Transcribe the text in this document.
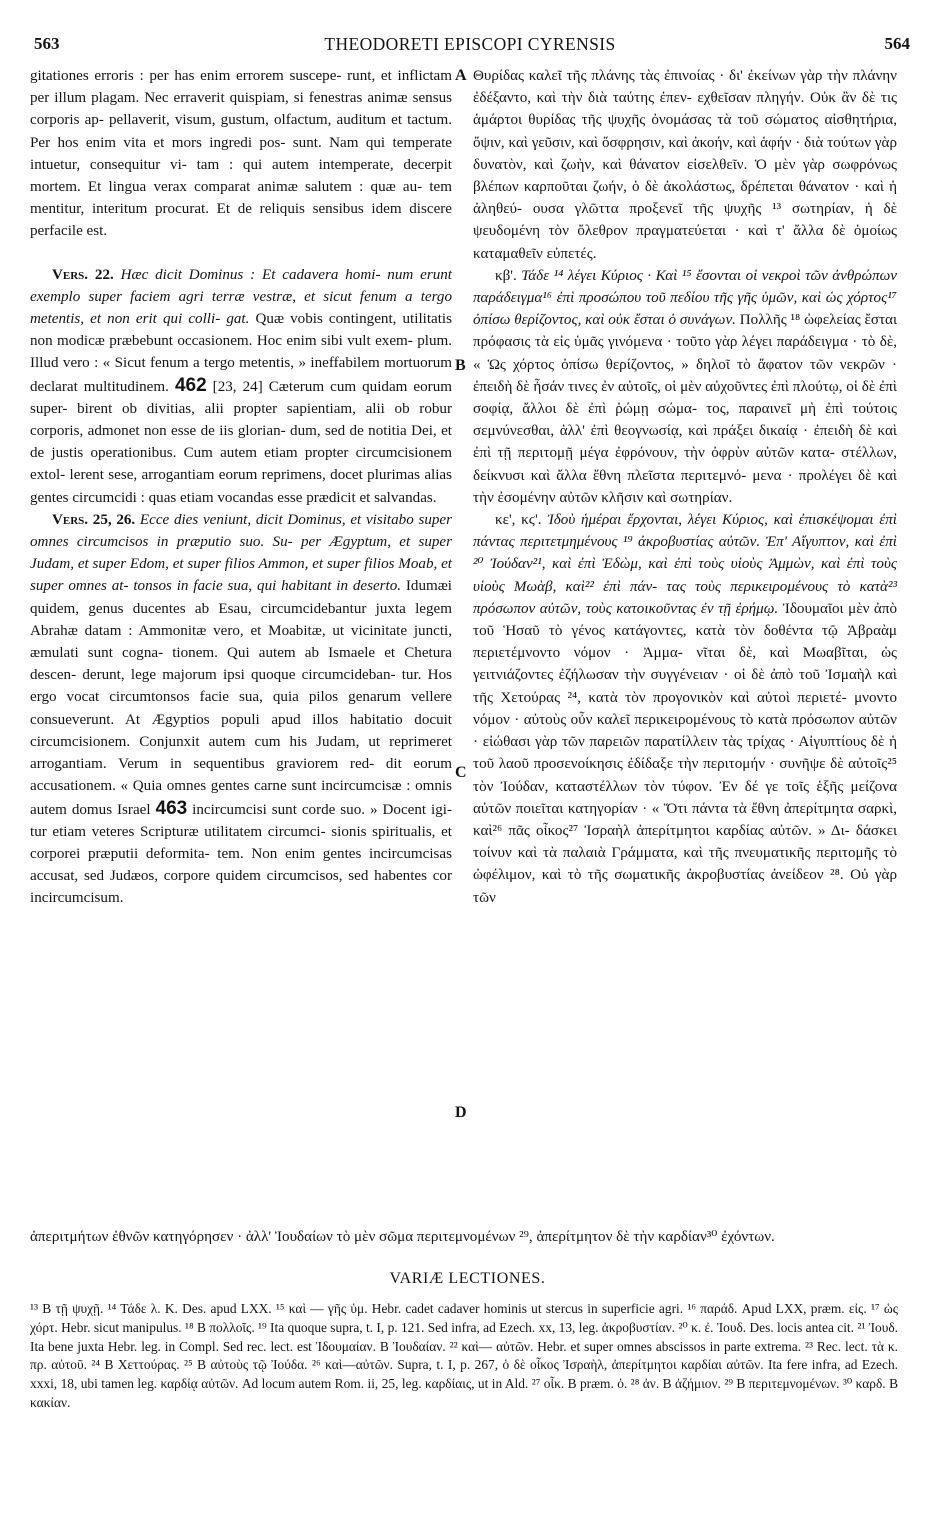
563	THEODORETI EPISCOPI CYRENSIS	564

gitationes erroris : per has enim errorem suscepe- runt, et inflictam per illum plagam. Nec erraverit quispiam, si fenestras animæ sensus corporis ap- pellaverit, visum, gustum, olfactum, auditum et tactum. Per hos enim vita et mors ingredi pos- sunt. Nam qui temperate intuetur, consequitur vi- tam : qui autem intemperate, decerpit mortem. Et lingua verax comparat animæ salutem : quæ au- tem mentitur, interitum procurat. Et de reliquis sensibus idem discere perfacile est.

Vers. 22. Hæc dicit Dominus : Et cadavera homi- num erunt exemplo super faciem agri terræ vestræ, et sicut fenum a tergo metentis, et non erit qui colli- gat. Quæ vobis contingent, utilitatis non modicæ præbebunt occasionem. Hoc enim sibi vult exem- plum. Illud vero : « Sicut fenum a tergo metentis, » ineffabilem mortuorum declarat multitudinem. 462 [23, 24] Cæterum cum quidam eorum super- birent ob divitias, alii propter sapientiam, alii ob robur corporis, admonet non esse de iis glorian- dum, sed de notitia Dei, et de justis operationibus. Cum autem etiam propter circumcisionem extol- lerent sese, arrogantiam eorum reprimens, docet plurimas alias gentes circumcidi : quas etiam vocandas esse prædicit et salvandas.

Vers. 25, 26. Ecce dies veniunt, dicit Dominus, et visitabo super omnes circumcisos in præputio suo. Su- per Ægyptum, et super Judam, et super Edom, et super filios Ammon, et super filios Moab, et super omnes at- tonsos in facie sua, qui habitant in deserto. Idumæi quidem, genus ducentes ab Esau, circumcidebantur juxta legem Abrahæ datam : Ammonitæ vero, et Moabitæ, ut vicinitate juncti, æmulati sunt cogna- tionem. Qui autem ab Ismaele et Chetura descen- derunt, lege majorum ipsi quoque circumcideban- tur. Hos ergo vocat circumtonsos facie sua, quia pilos genarum vellere consueverunt. At Ægyptios populi apud illos habitatio docuit circumcisionem. Conjunxit autem cum his Judam, ut reprimeret arrogantiam. Verum in sequentibus graviorem red- dit eorum accusationem. « Quia omnes gentes carne sunt incircumcisæ : omnis autem domus Israel 463 incircumcisi sunt corde suo. » Docent igi- tur etiam veteres Scripturæ utilitatem circumci- sionis spiritualis, et corporei præputii deformita- tem. Non enim gentes incircumcisas accusat, sed Judæos, corpore quidem circumcisos, sed habentes cor incircumcisum.

A
B
C
D

Θυρίδας καλεῖ τῆς πλάνης τὰς ἐπινοίας · δι' ἐκείνων γὰρ τὴν πλάνην ἐδέξαντο, καὶ τὴν διὰ ταύτης ἐπεν- εχθεῖσαν πληγήν. Οὐκ ἂν δὲ τις ἁμάρτοι θυρίδας τῆς ψυχῆς ὀνομάσας τὰ τοῦ σώματος αἰσθητήρια, ὄψιν, καὶ γεῦσιν, καὶ ὄσφρησιν, καὶ ἀκοήν, καὶ ἁφήν · διὰ τούτων γὰρ δυνατὸν, καὶ ζωὴν, καὶ θάνατον εἰσελθεῖν. Ὁ μὲν γὰρ σωφρόνως βλέπων καρποῦται ζωήν, ὁ δὲ ἀκολάστως, δρέπεται θάνατον · καὶ ἡ ἀληθεύ- ουσα γλῶττα προξενεῖ τῆς ψυχῆς ¹³ σωτηρίαν, ἡ δὲ ψευδομένη τὸν ὄλεθρον πραγματεύεται · καὶ τ' ἄλλα δὲ ὁμοίως καταμαθεῖν εὐπετές.

κβ'. Τάδε ¹⁴ λέγει Κύριος · Καὶ ¹⁵ ἔσονται οἱ νεκροὶ τῶν ἀνθρώπων παράδειγμα¹⁶ ἐπὶ προσώπου τοῦ πεδίου τῆς γῆς ὑμῶν, καὶ ὡς χόρτος¹⁷ ὀπίσω θερίζοντος, καὶ οὐκ ἔσται ὁ συνάγων. Πολλῆς ¹⁸ ὠφελείας ἔσται πρόφασις τὰ εἰς ὑμᾶς γινόμενα · τοῦτο γὰρ λέγει παράδειγμα · τὸ δὲ, « Ὡς χόρτος ὀπίσω θερίζοντος, » δηλοῖ τὸ ἄφατον τῶν νεκρῶν · ἐπειδὴ δὲ ἦσάν τινες ἐν αὐτοῖς, οἱ μὲν αὐχοῦντες ἐπὶ πλούτῳ, οἱ δὲ ἐπὶ σοφίᾳ, ἄλλοι δὲ ἐπὶ ῥώμῃ σώμα- τος, παραινεῖ μὴ ἐπὶ τούτοις σεμνύνεσθαι, ἀλλ' ἐπὶ θεογνωσίᾳ, καὶ πράξει δικαίᾳ · ἐπειδὴ δὲ καὶ ἐπὶ τῇ περιτομῇ μέγα ἐφρόνουν, τὴν ὀφρὺν αὐτῶν κατα- στέλλων, δείκνυσι καὶ ἄλλα ἔθνη πλεῖστα περιτεμνό- μενα · προλέγει δὲ καὶ τὴν ἐσομένην αὐτῶν κλῆσιν καὶ σωτηρίαν.

κε', κϛ'. Ἰδοὺ ἡμέραι ἔρχονται, λέγει Κύριος, καὶ ἐπισκέψομαι ἐπὶ πάντας περιτετμημένους ¹⁹ ἀκροβυστίας αὐτῶν. Ἐπ' Αἴγυπτον, καὶ ἐπὶ ²⁰ Ἰούδαν²¹, καὶ ἐπὶ Ἐδὼμ, καὶ ἐπὶ τοὺς υἱοὺς Ἀμμὼν, καὶ ἐπὶ τοὺς υἱοὺς Μωὰβ, καὶ²² ἐπὶ πάν- τας τοὺς περικειρομένους τὸ κατὰ²³ πρόσωπον αὐτῶν, τοὺς κατοικοῦντας ἐν τῇ ἐρήμῳ. Ἰδουμαῖοι μὲν ἀπὸ τοῦ Ἡσαῦ τὸ γένος κατάγοντες, κατὰ τὸν δοθέντα τῷ Ἀβραὰμ περιετέμνοντο νόμον · Ἀμμα- νῖται δὲ, καὶ Μωαβῖται, ὡς γειτνιάζοντες ἐζήλωσαν τὴν συγγένειαν · οἱ δὲ ἀπὸ τοῦ Ἰσμαὴλ καὶ τῆς Χετούρας ²⁴, κατὰ τὸν προγονικὸν καὶ αὐτοὶ περιετέ- μνοντο νόμον · αὐτοὺς οὖν καλεῖ περικειρομένους τὸ κατὰ πρόσωπον αὐτῶν · εἰώθασι γὰρ τῶν παρειῶν παρατίλλειν τὰς τρίχας · Αἰγυπτίους δὲ ἡ τοῦ λαοῦ προσενοίκησις ἐδίδαξε τὴν περιτομήν · συνῆψε δὲ αὐτοῖς²⁵ τὸν Ἰούδαν, καταστέλλων τὸν τύφον. Ἐν δέ γε τοῖς ἑξῆς μείζονα αὐτῶν ποιεῖται κατηγορίαν · « Ὅτι πάντα τὰ ἔθνη ἀπερίτμητα σαρκὶ, καὶ²⁶ πᾶς οἶκος²⁷ Ἰσραὴλ ἀπερίτμητοι καρδίας αὐτῶν. » Δι- δάσκει τοίνυν καὶ τὰ παλαιὰ Γράμματα, καὶ τῆς πνευματικῆς περιτομῆς τὸ ὠφέλιμον, καὶ τὸ τῆς σωματικῆς ἀκροβυστίας ἀνείδεον ²⁸. Οὐ γὰρ τῶν

ἀπεριτμήτων ἐθνῶν κατηγόρησεν · ἀλλ' Ἰουδαίων τὸ μὲν σῶμα περιτεμνομένων ²⁹, ἀπερίτμητον δὲ τὴν καρδίαν³⁰ ἐχόντων.

VARIÆ LECTIONES.

¹³ B τῇ ψυχῇ. ¹⁴ Τάδε λ. K. Des. apud LXX. ¹⁵ καὶ — γῆς ὑμ. Hebr. cadet cadaver hominis ut stercus in superficie agri. ¹⁶ παράδ. Apud LXX, præm. εἰς. ¹⁷ ὡς χόρτ. Hebr. sicut manipulus. ¹⁸ B πολλοῖς. ¹⁹ Ita quoque supra, t. I, p. 121. Sed infra, ad Ezech. xx, 13, leg. ἀκροβυστίαν. ²⁰ κ. ἐ. Ἰουδ. Des. locis antea cit. ²¹ Ἰουδ. Ita bene juxta Hebr. leg. in Compl. Sed rec. lect. est Ἰδουμαίαν. B Ἰουδαίαν. ²² καὶ— αὐτῶν. Hebr. et super omnes abscissos in parte extrema. ²³ Rec. lect. τὰ κ. πρ. αὐτοῦ. ²⁴ B Χεττούρας. ²⁵ B αὐτοὺς τῷ Ἰούδα. ²⁶ καὶ—αὐτῶν. Supra, t. I, p. 267, ὁ δὲ οἶκος Ἰσραὴλ, ἀπερίτμητοι καρδίαι αὐτῶν. Ita fere infra, ad Ezech. xxxi, 18, ubi tamen leg. καρδίᾳ αὐτῶν. Ad locum autem Rom. ii, 25, leg. καρδίαις, ut in Ald. ²⁷ οἶκ. B præm. ὁ. ²⁸ ἀν. B ἀζήμιον. ²⁹ B περιτεμνομένων. ³⁰ καρδ. B κακίαν.
